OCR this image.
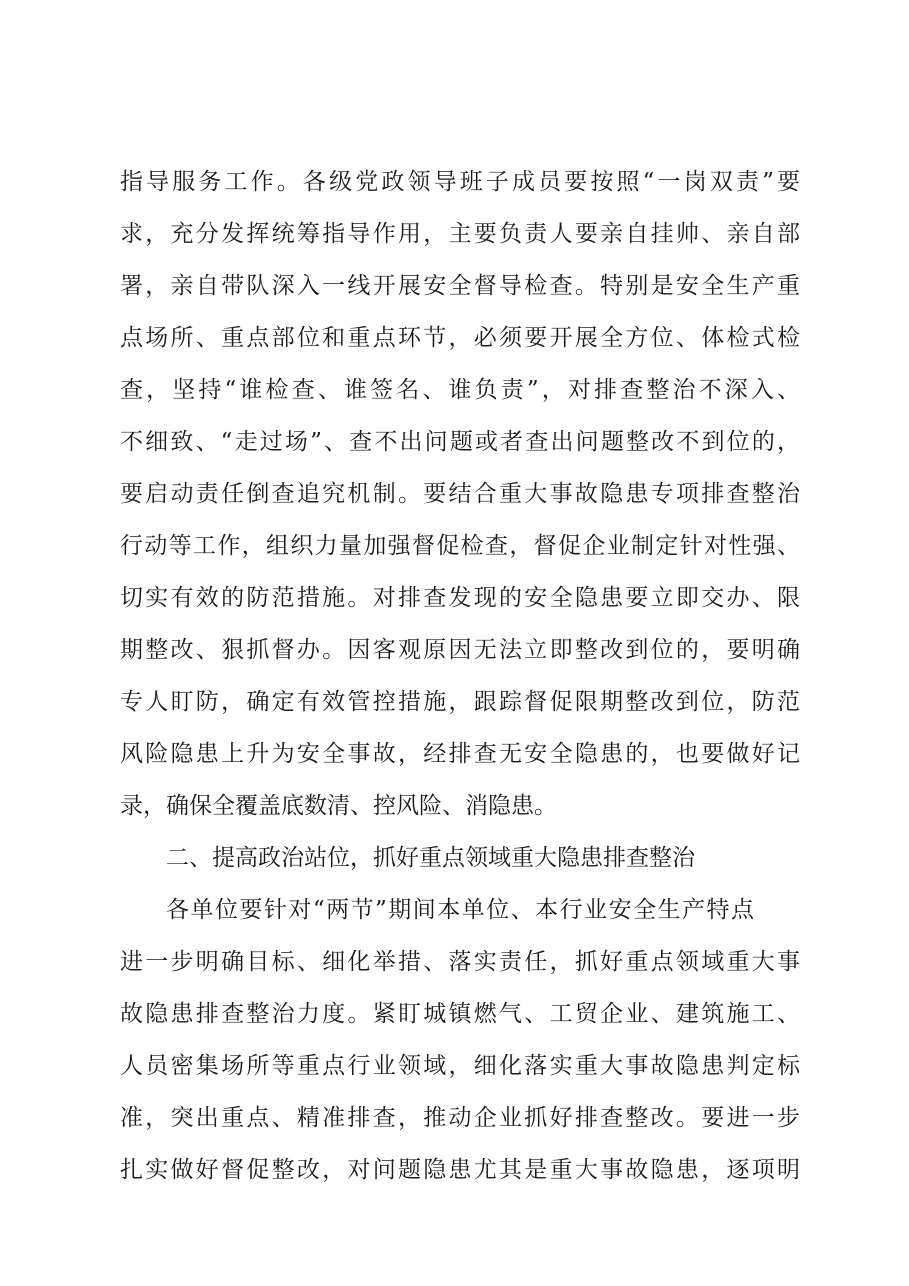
指导服务工作。各级党政领导班子成员要按照“一岗双责”要
求，充分发挥统筹指导作用，主要负责人要亲自挂帅、亲自部
署，亲自带队深入一线开展安全督导检查。特别是安全生产重
点场所、重点部位和重点环节，必须要开展全方位、体检式检
查，坚持“谁检查、谁签名、谁负责”，对排查整治不深入、
不细致、“走过场”、查不出问题或者查出问题整改不到位的，
要启动责任倒查追究机制。要结合重大事故隐患专项排查整治
行动等工作，组织力量加强督促检查，督促企业制定针对性强、
切实有效的防范措施。对排查发现的安全隐患要立即交办、限
期整改、狠抓督办。因客观原因无法立即整改到位的，要明确
专人盯防，确定有效管控措施，跟踪督促限期整改到位，防范
风险隐患上升为安全事故，经排查无安全隐患的，也要做好记
录，确保全覆盖底数清、控风险、消隐患。
二、提高政治站位，抓好重点领域重大隐患排查整治
各单位要针对“两节”期间本单位、本行业安全生产特点
进一步明确目标、细化举措、落实责任，抓好重点领域重大事
故隐患排查整治力度。紧盯城镇燃气、工贸企业、建筑施工、
人员密集场所等重点行业领域，细化落实重大事故隐患判定标
准，突出重点、精准排查，推动企业抓好排查整改。要进一步
扎实做好督促整改，对问题隐患尤其是重大事故隐患，逐项明
